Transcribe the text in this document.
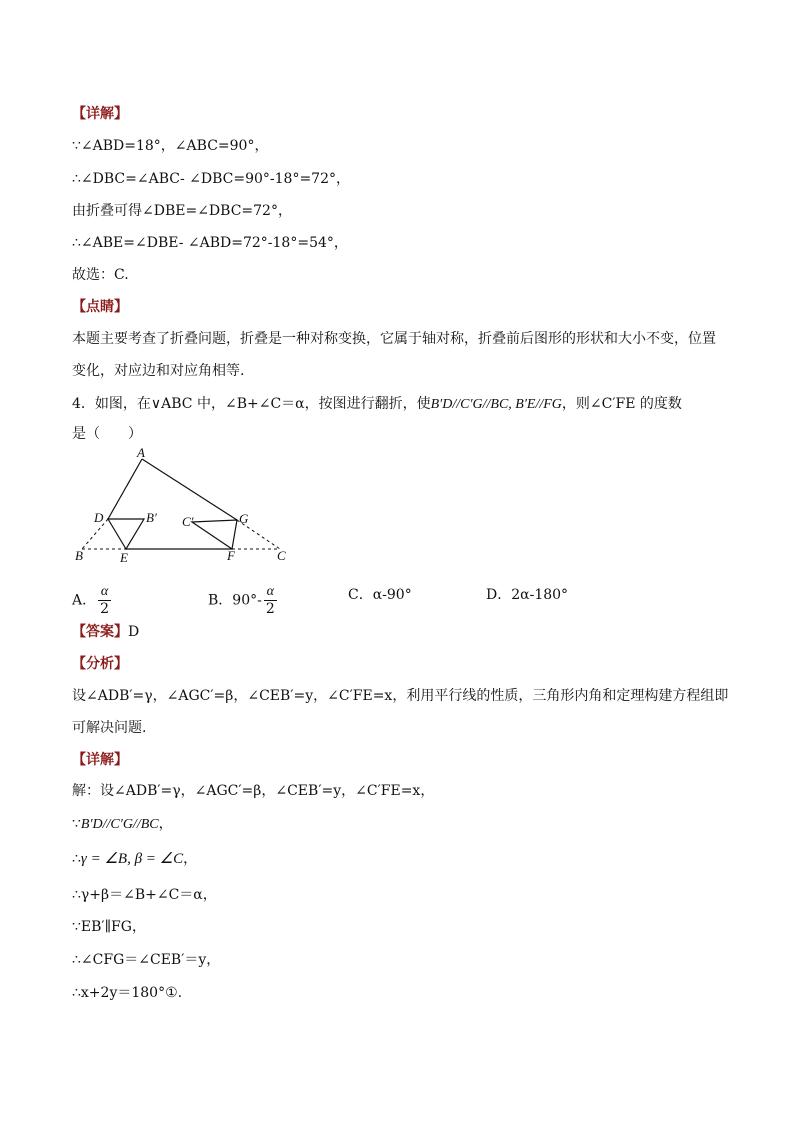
【详解】
∵∠ABD=18°，∠ABC=90°，
∴∠DBC=∠ABC- ∠DBC=90°-18°=72°，
由折叠可得∠DBE=∠DBC=72°，
∴∠ABE=∠DBE- ∠ABD=72°-18°=54°，
故选：C.
【点睛】
本题主要考查了折叠问题，折叠是一种对称变换，它属于轴对称，折叠前后图形的形状和大小不变，位置
变化，对应边和对应角相等.
4．如图，在∨ABC 中，∠B+∠C＝α，按图进行翻折，使B′D//C′G//BC, B′E//FG，则∠C′FE 的度数
是（　　）
A
B	C
D
E	F
G
B′ C′
A． $\frac{\alpha}{2}$	B．$90^\circ- \frac{\alpha}{2}$	C．α-90°	D．2α-180°
【答案】D
【分析】
设∠ADB′=γ，∠AGC′=β，∠CEB′=y，∠C′FE=x，利用平行线的性质，三角形内角和定理构建方程组即
可解决问题.
【详解】
解：设∠ADB′=γ，∠AGC′=β，∠CEB′=y，∠C′FE=x，
∵B′D//C′G//BC，
∴γ = ∠B, β = ∠C，
∴γ+β＝∠B+∠C＝α，
∵EB′∥FG，
∴∠CFG＝∠CEB′＝y，
∴x+2y＝180°①.
